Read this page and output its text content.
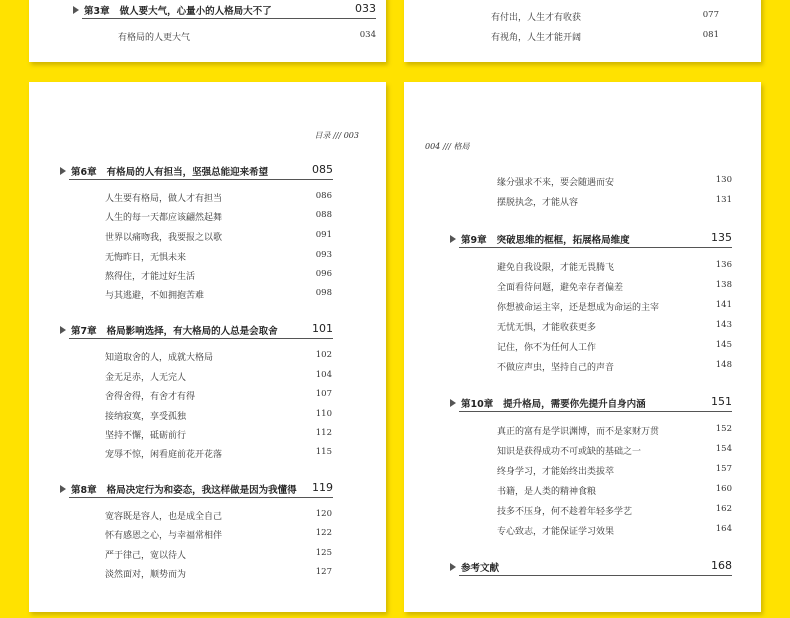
第3章 做人要大气，心量小的人格局大不了	033
有格局的人更大气	034
有付出，人生才有收获	077
有视角，人生才能开阔	081
目录 /// 003
第6章 有格局的人有担当，坚强总能迎来希望	085
人生要有格局，做人才有担当	086
人生的每一天都应该翩然起舞	088
世界以痛吻我，我要报之以歌	091
无悔昨日，无惧未来	093
熬得住，才能过好生活	096
与其逃避，不如拥抱苦难	098
第7章 格局影响选择，有大格局的人总是会取舍	101
知道取舍的人，成就大格局	102
金无足赤，人无完人	104
舍得舍得，有舍才有得	107
接纳寂寞，享受孤独	110
坚持不懈，砥砺前行	112
宠辱不惊，闲看庭前花开花落	115
第8章 格局决定行为和姿态，我这样做是因为我懂得 119
宽容既是容人，也是成全自己	120
怀有感恩之心，与幸福常相伴	122
严于律己，宽以待人	125
淡然面对，顺势而为	127
004 /// 格局
缘分强求不来，要会随遇而安	130
摆脱执念，才能从容	131
第9章 突破思维的框框，拓展格局维度	135
避免自我设限，才能无畏腾飞	136
全面看待问题，避免幸存者偏差	138
你想被命运主宰，还是想成为命运的主宰	141
无忧无惧，才能收获更多	143
记住，你不为任何人工作	145
不做应声虫，坚持自己的声音	148
第10章 提升格局，需要你先提升自身内涵	151
真正的富有是学识渊博，而不是家财万贯	152
知识是获得成功不可或缺的基础之一	154
终身学习，才能始终出类拔萃	157
书籍，是人类的精神食粮	160
技多不压身，何不趁着年轻多学艺	162
专心致志，才能保证学习效果	164
参考文献	168
